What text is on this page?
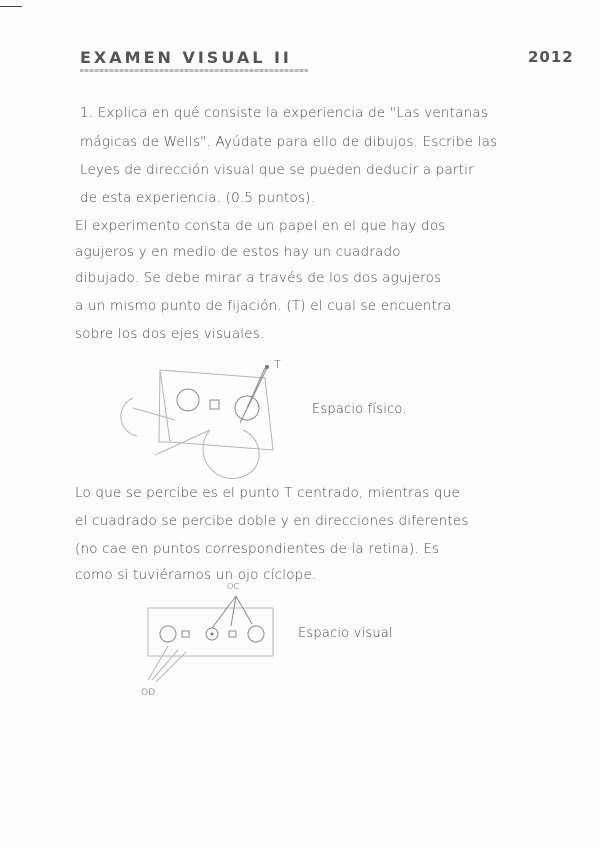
EXAMEN VISUAL II	2012
1. Explica en qué consiste la experiencia de "Las ventanas
mágicas de Wells". Ayúdate para ello de dibujos. Escribe las
Leyes de dirección visual que se pueden deducir a partir
de esta experiencia. (0.5 puntos).
El experimento consta de un papel en el que hay dos
agujeros y en medio de estos hay un cuadrado
dibujado. Se debe mirar a través de los dos agujeros
a un mismo punto de fijación. (T) el cual se encuentra
sobre los dos ejes visuales.
T
Espacio físico.
Lo que se percibe es el punto T centrado, mientras que
el cuadrado se percibe doble y en direcciones diferentes
(no cae en puntos correspondientes de la retina). Es
como si tuviéramos un ojo cíclope.
OC
OD
Espacio visual
